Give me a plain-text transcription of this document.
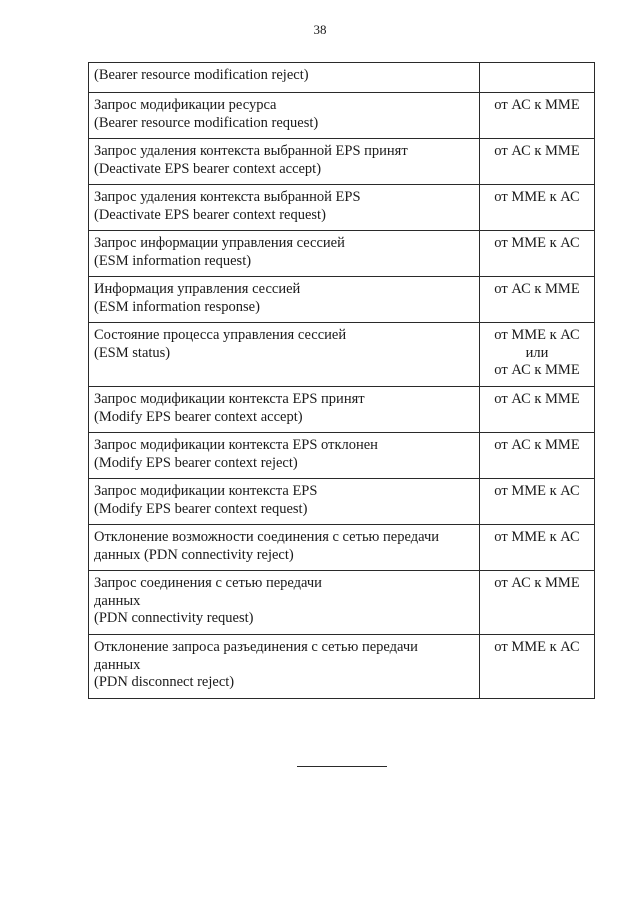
38
(Bearer resource modification reject)	

Запрос модификации ресурса
(Bearer resource modification request)	от АС к ММЕ

Запрос удаления контекста выбранной EPS принят
(Deactivate EPS bearer context accept)	от АС к ММЕ

Запрос удаления контекста выбранной EPS
(Deactivate EPS bearer context request)	от ММЕ к АС

Запрос информации управления сессией
(ESM information request)	от ММЕ к АС

Информация управления сессией
(ESM information response)	от АС к ММЕ

Состояние процесса управления сессией
(ESM status)	от ММЕ к АС
или
от АС к ММЕ

Запрос модификации контекста EPS принят
(Modify EPS bearer context accept)	от АС к ММЕ

Запрос модификации контекста EPS отклонен
(Modify EPS bearer context reject)	от АС к ММЕ

Запрос модификации контекста EPS
(Modify EPS bearer context request)	от ММЕ к АС

Отклонение возможности соединения с сетью передачи
данных (PDN connectivity reject)	от ММЕ к АС

Запрос соединения с сетью передачи
данных
(PDN connectivity request)	от АС к ММЕ

Отклонение запроса разъединения с сетью передачи
данных
(PDN disconnect reject)	от ММЕ к АС
